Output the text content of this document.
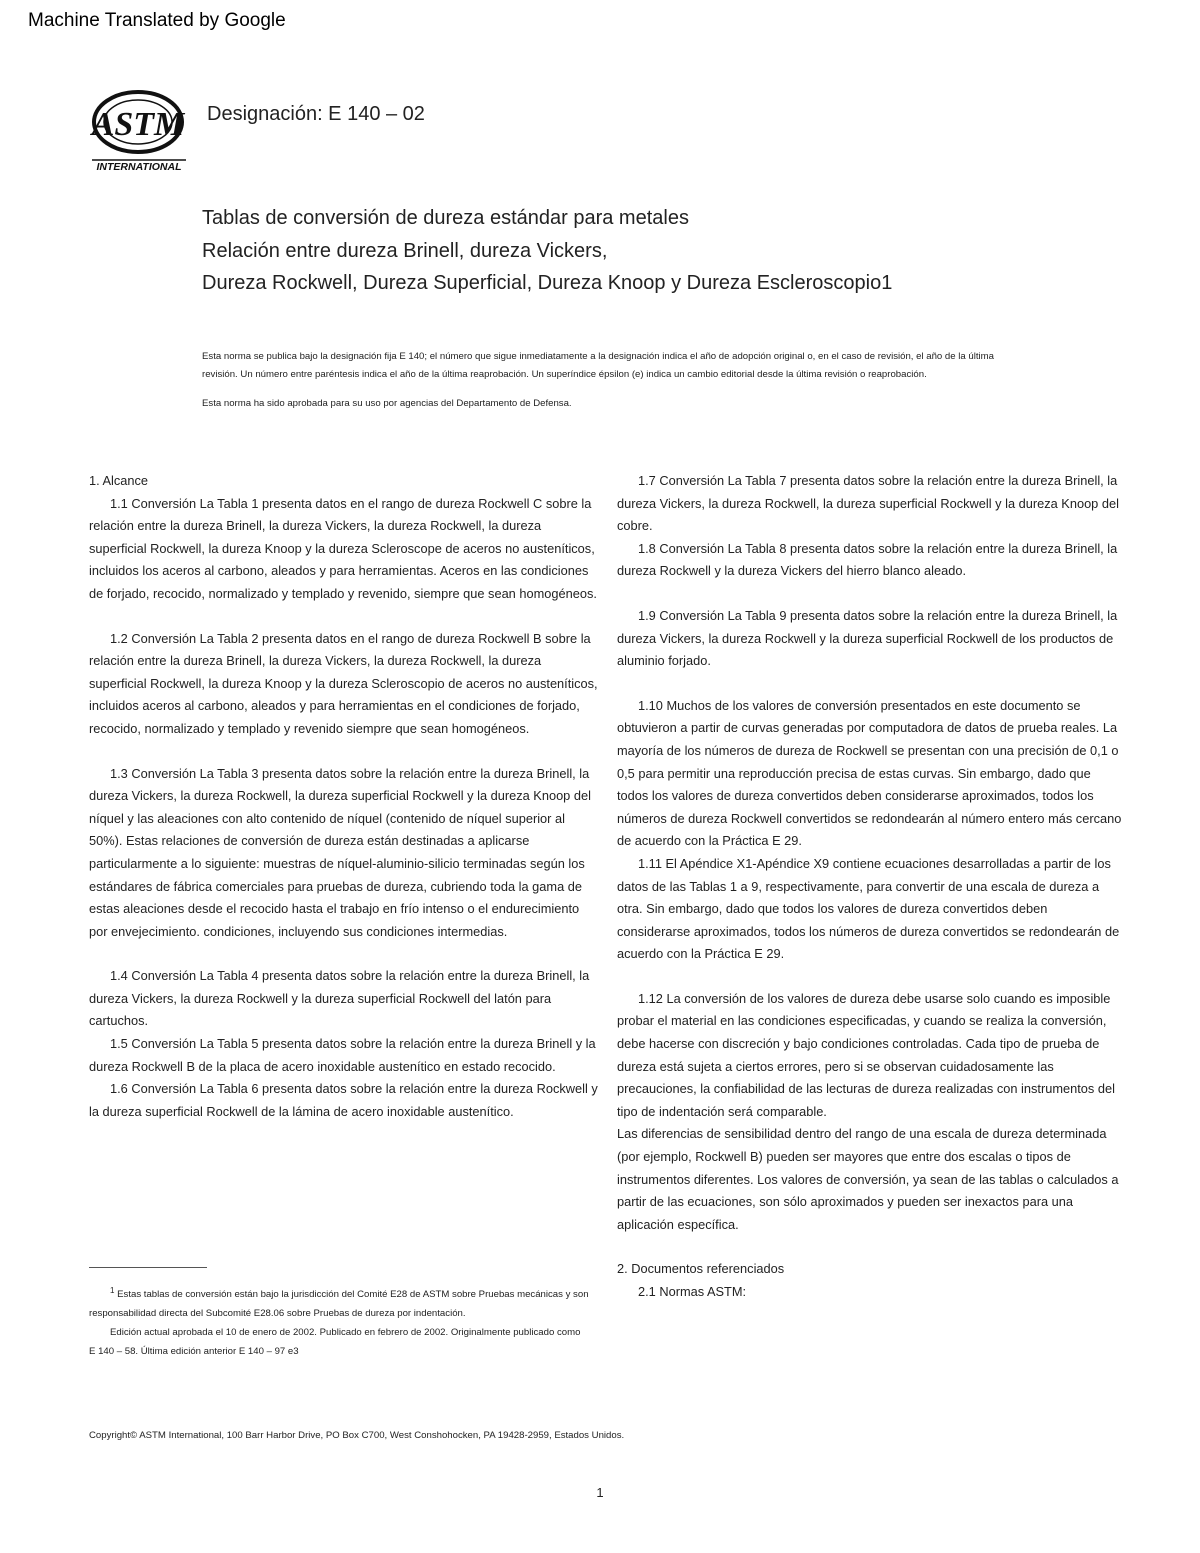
Machine Translated by Google
ASTM
INTERNATIONAL
Designación: E 140 – 02
Tablas de conversión de dureza estándar para metales
Relación entre dureza Brinell, dureza Vickers,
Dureza Rockwell, Dureza Superficial, Dureza Knoop y Dureza Escleroscopio1

Esta norma se publica bajo la designación fija E 140; el número que sigue inmediatamente a la designación indica el año de adopción original o, en el caso de revisión, el año de la última revisión. Un número entre paréntesis indica el año de la última reaprobación. Un superíndice épsilon (e) indica un cambio editorial desde la última revisión o reaprobación.

Esta norma ha sido aprobada para su uso por agencias del Departamento de Defensa.

1. Alcance

1.1 Conversión La Tabla 1 presenta datos en el rango de dureza Rockwell C sobre la relación entre la dureza Brinell, la dureza Vickers, la dureza Rockwell, la dureza superficial Rockwell, la dureza Knoop y la dureza Scleroscope de aceros no austeníticos, incluidos los aceros al carbono, aleados y para herramientas. Aceros en las condiciones de forjado, recocido, normalizado y templado y revenido, siempre que sean homogéneos.

1.2 Conversión La Tabla 2 presenta datos en el rango de dureza Rockwell B sobre la relación entre la dureza Brinell, la dureza Vickers, la dureza Rockwell, la dureza superficial Rockwell, la dureza Knoop y la dureza Scleroscopio de aceros no austeníticos, incluidos aceros al carbono, aleados y para herramientas en el condiciones de forjado, recocido, normalizado y templado y revenido siempre que sean homogéneos.

1.3 Conversión La Tabla 3 presenta datos sobre la relación entre la dureza Brinell, la dureza Vickers, la dureza Rockwell, la dureza superficial Rockwell y la dureza Knoop del níquel y las aleaciones con alto contenido de níquel (contenido de níquel superior al 50%). Estas relaciones de conversión de dureza están destinadas a aplicarse particularmente a lo siguiente: muestras de níquel-aluminio-silicio terminadas según los estándares de fábrica comerciales para pruebas de dureza, cubriendo toda la gama de estas aleaciones desde el recocido hasta el trabajo en frío intenso o el endurecimiento por envejecimiento. condiciones, incluyendo sus condiciones intermedias.

1.4 Conversión La Tabla 4 presenta datos sobre la relación entre la dureza Brinell, la dureza Vickers, la dureza Rockwell y la dureza superficial Rockwell del latón para cartuchos.

1.5 Conversión La Tabla 5 presenta datos sobre la relación entre la dureza Brinell y la dureza Rockwell B de la placa de acero inoxidable austenítico en estado recocido.

1.6 Conversión La Tabla 6 presenta datos sobre la relación entre la dureza Rockwell y la dureza superficial Rockwell de la lámina de acero inoxidable austenítico.

1.7 Conversión La Tabla 7 presenta datos sobre la relación entre la dureza Brinell, la dureza Vickers, la dureza Rockwell, la dureza superficial Rockwell y la dureza Knoop del cobre.

1.8 Conversión La Tabla 8 presenta datos sobre la relación entre la dureza Brinell, la dureza Rockwell y la dureza Vickers del hierro blanco aleado.

1.9 Conversión La Tabla 9 presenta datos sobre la relación entre la dureza Brinell, la dureza Vickers, la dureza Rockwell y la dureza superficial Rockwell de los productos de aluminio forjado.

1.10 Muchos de los valores de conversión presentados en este documento se obtuvieron a partir de curvas generadas por computadora de datos de prueba reales. La mayoría de los números de dureza de Rockwell se presentan con una precisión de 0,1 o 0,5 para permitir una reproducción precisa de estas curvas. Sin embargo, dado que todos los valores de dureza convertidos deben considerarse aproximados, todos los números de dureza Rockwell convertidos se redondearán al número entero más cercano de acuerdo con la Práctica E 29.

1.11 El Apéndice X1-Apéndice X9 contiene ecuaciones desarrolladas a partir de los datos de las Tablas 1 a 9, respectivamente, para convertir de una escala de dureza a otra. Sin embargo, dado que todos los valores de dureza convertidos deben considerarse aproximados, todos los números de dureza convertidos se redondearán de acuerdo con la Práctica E 29.

1.12 La conversión de los valores de dureza debe usarse solo cuando es imposible probar el material en las condiciones especificadas, y cuando se realiza la conversión, debe hacerse con discreción y bajo condiciones controladas. Cada tipo de prueba de dureza está sujeta a ciertos errores, pero si se observan cuidadosamente las precauciones, la confiabilidad de las lecturas de dureza realizadas con instrumentos del tipo de indentación será comparable.

Las diferencias de sensibilidad dentro del rango de una escala de dureza determinada (por ejemplo, Rockwell B) pueden ser mayores que entre dos escalas o tipos de instrumentos diferentes. Los valores de conversión, ya sean de las tablas o calculados a partir de las ecuaciones, son sólo aproximados y pueden ser inexactos para una aplicación específica.

2. Documentos referenciados

2.1 Normas ASTM:

$^1$ Estas tablas de conversión están bajo la jurisdicción del Comité E28 de ASTM sobre Pruebas mecánicas y son responsabilidad directa del Subcomité E28.06 sobre Pruebas de dureza por indentación.

Edición actual aprobada el 10 de enero de 2002. Publicado en febrero de 2002. Originalmente publicado como E 140 – 58. Última edición anterior E 140 – 97 e3

Copyright© ASTM International, 100 Barr Harbor Drive, PO Box C700, West Conshohocken, PA 19428-2959, Estados Unidos.
1
